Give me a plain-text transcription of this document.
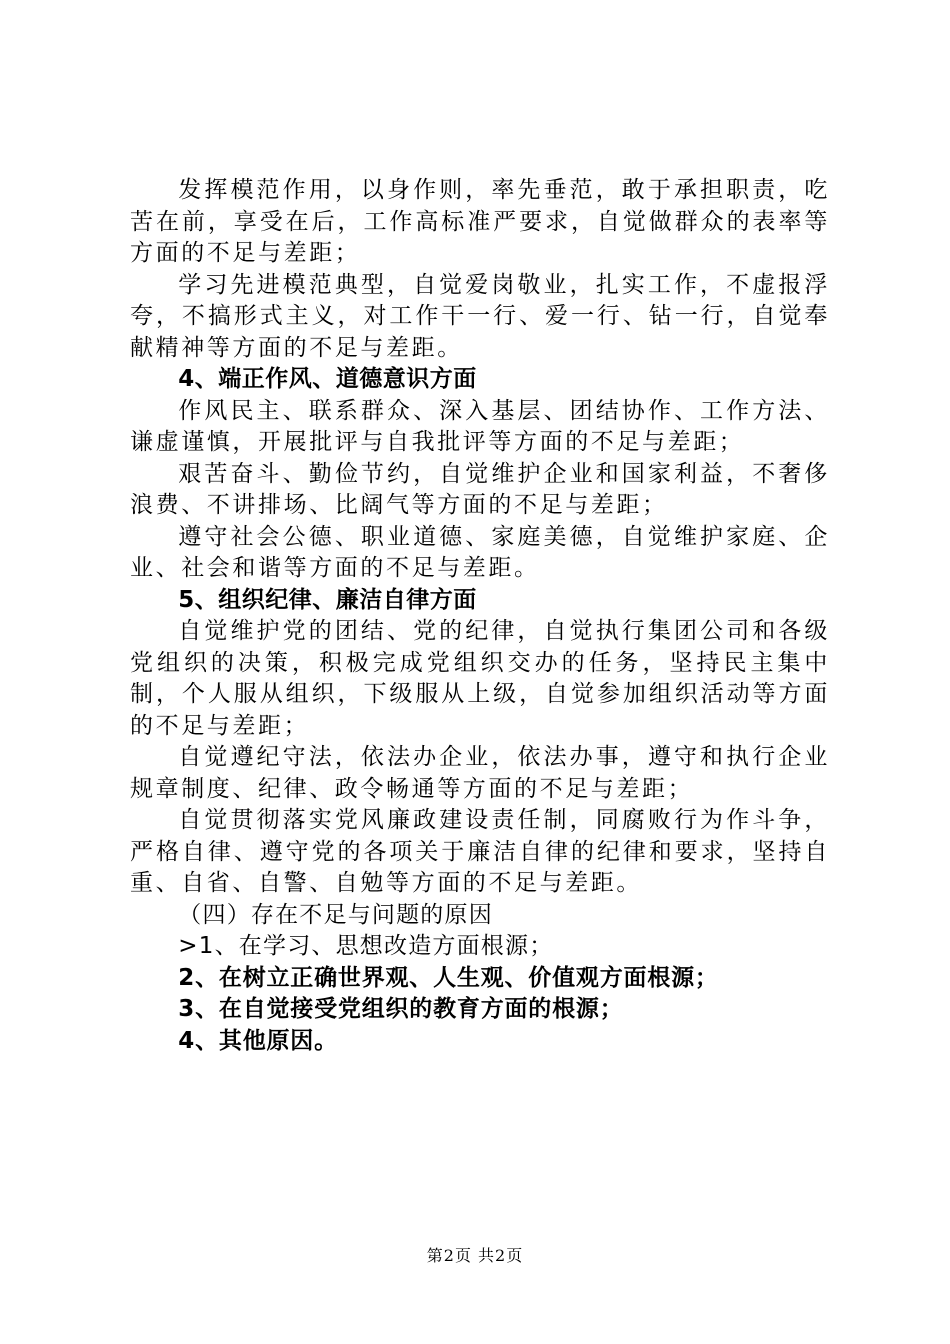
发挥模范作用，以身作则，率先垂范，敢于承担职责，吃苦在前，享受在后，工作高标准严要求，自觉做群众的表率等方面的不足与差距；

学习先进模范典型，自觉爱岗敬业，扎实工作，不虚报浮夸，不搞形式主义，对工作干一行、爱一行、钻一行，自觉奉献精神等方面的不足与差距。

4、端正作风、道德意识方面

作风民主、联系群众、深入基层、团结协作、工作方法、谦虚谨慎，开展批评与自我批评等方面的不足与差距；

艰苦奋斗、勤俭节约，自觉维护企业和国家利益，不奢侈浪费、不讲排场、比阔气等方面的不足与差距；

遵守社会公德、职业道德、家庭美德，自觉维护家庭、企业、社会和谐等方面的不足与差距。

5、组织纪律、廉洁自律方面

自觉维护党的团结、党的纪律，自觉执行集团公司和各级党组织的决策，积极完成党组织交办的任务，坚持民主集中制，个人服从组织，下级服从上级，自觉参加组织活动等方面的不足与差距；

自觉遵纪守法，依法办企业，依法办事，遵守和执行企业规章制度、纪律、政令畅通等方面的不足与差距；

自觉贯彻落实党风廉政建设责任制，同腐败行为作斗争，严格自律、遵守党的各项关于廉洁自律的纪律和要求，坚持自重、自省、自警、自勉等方面的不足与差距。

（四）存在不足与问题的原因

>1、在学习、思想改造方面根源；

2、在树立正确世界观、人生观、价值观方面根源；

3、在自觉接受党组织的教育方面的根源；

4、其他原因。

第2页 共2页
